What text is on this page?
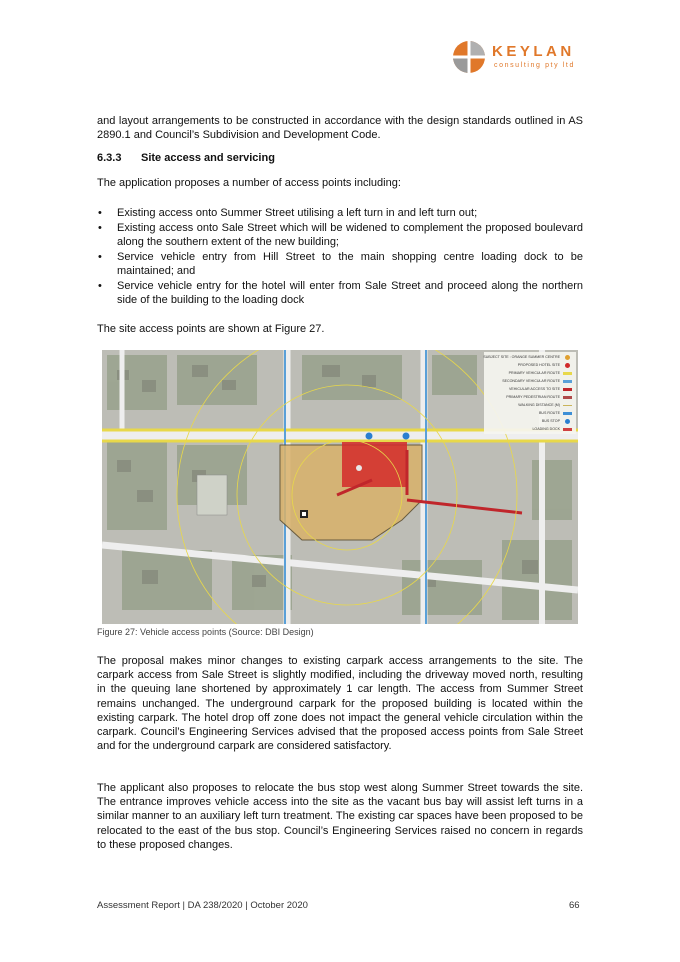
KEYLAN
consulting pty ltd

and layout arrangements to be constructed in accordance with the design standards outlined in AS 2890.1 and Council’s Subdivision and Development Code.

6.3.3 Site access and servicing

The application proposes a number of access points including:

• Existing access onto Summer Street utilising a left turn in and left turn out;
• Existing access onto Sale Street which will be widened to complement the proposed boulevard along the southern extent of the new building;
• Service vehicle entry from Hill Street to the main shopping centre loading dock to be maintained; and
• Service vehicle entry for the hotel will enter from Sale Street and proceed along the northern side of the building to the loading dock

The site access points are shown at Figure 27.

SUBJECT SITE : ORANGE SUMMER CENTRE
PROPOSED HOTEL SITE
PRIMARY VEHICULAR ROUTE
SECONDARY VEHICULAR ROUTE
VEHICULAR ACCESS TO SITE
PRIMARY PEDESTRIAN ROUTE
WALKING DISTANCE (M)
BUS ROUTE
BUS STOP
LOADING DOCK

Figure 27: Vehicle access points (Source: DBI Design)

The proposal makes minor changes to existing carpark access arrangements to the site. The carpark access from Sale Street is slightly modified, including the driveway moved north, resulting in the queuing lane shortened by approximately 1 car length. The access from Summer Street remains unchanged. The underground carpark for the proposed building is located within the existing carpark. The hotel drop off zone does not impact the general vehicle circulation within the carpark. Council’s Engineering Services advised that the proposed access points from Sale Street and for the underground carpark are considered satisfactory.

The applicant also proposes to relocate the bus stop west along Summer Street towards the site. The entrance improves vehicle access into the site as the vacant bus bay will assist left turns in a similar manner to an auxiliary left turn treatment. The existing car spaces have been proposed to be relocated to the east of the bus stop. Council’s Engineering Services raised no concern in regards to these proposed changes.

Assessment Report | DA 238/2020 | October 2020	66
